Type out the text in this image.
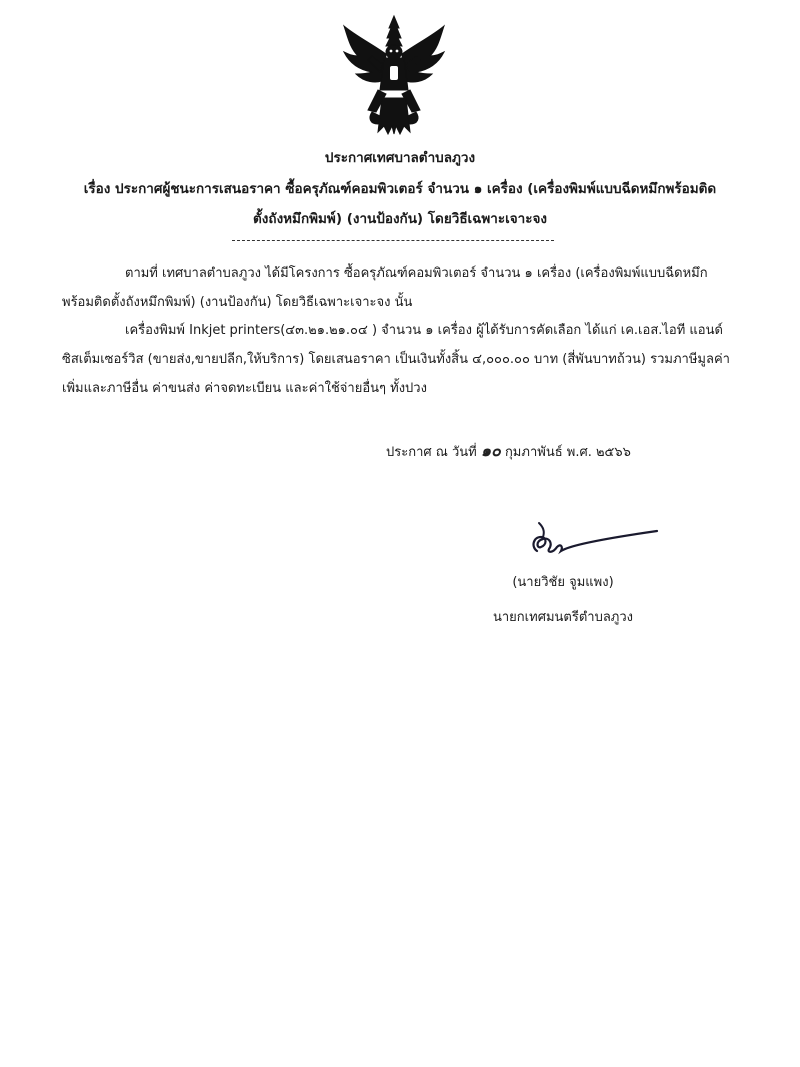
ประกาศเทศบาลตำบลภูวง
เรื่อง ประกาศผู้ชนะการเสนอราคา ซื้อครุภัณฑ์คอมพิวเตอร์ จำนวน ๑ เครื่อง (เครื่องพิมพ์แบบฉีดหมึกพร้อมติด
ตั้งถังหมึกพิมพ์) (งานป้องกัน) โดยวิธีเฉพาะเจาะจง
ตามที่ เทศบาลตำบลภูวง ได้มีโครงการ ซื้อครุภัณฑ์คอมพิวเตอร์ จำนวน ๑ เครื่อง (เครื่องพิมพ์แบบฉีดหมึกพร้อมติดตั้งถังหมึกพิมพ์) (งานป้องกัน) โดยวิธีเฉพาะเจาะจง นั้น
เครื่องพิมพ์ Inkjet printers(๔๓.๒๑.๒๑.๐๔ ) จำนวน ๑ เครื่อง ผู้ได้รับการคัดเลือก ได้แก่ เค.เอส.ไอที แอนด์ซิสเต็มเซอร์วิส (ขายส่ง,ขายปลีก,ให้บริการ) โดยเสนอราคา เป็นเงินทั้งสิ้น ๔,๐๐๐.๐๐ บาท (สี่พันบาทถ้วน) รวมภาษีมูลค่าเพิ่มและภาษีอื่น ค่าขนส่ง ค่าจดทะเบียน และค่าใช้จ่ายอื่นๆ ทั้งปวง
ประกาศ ณ วันที่ ๑๐ กุมภาพันธ์ พ.ศ. ๒๕๖๖
(นายวิชัย จูมแพง)
นายกเทศมนตรีตำบลภูวง
